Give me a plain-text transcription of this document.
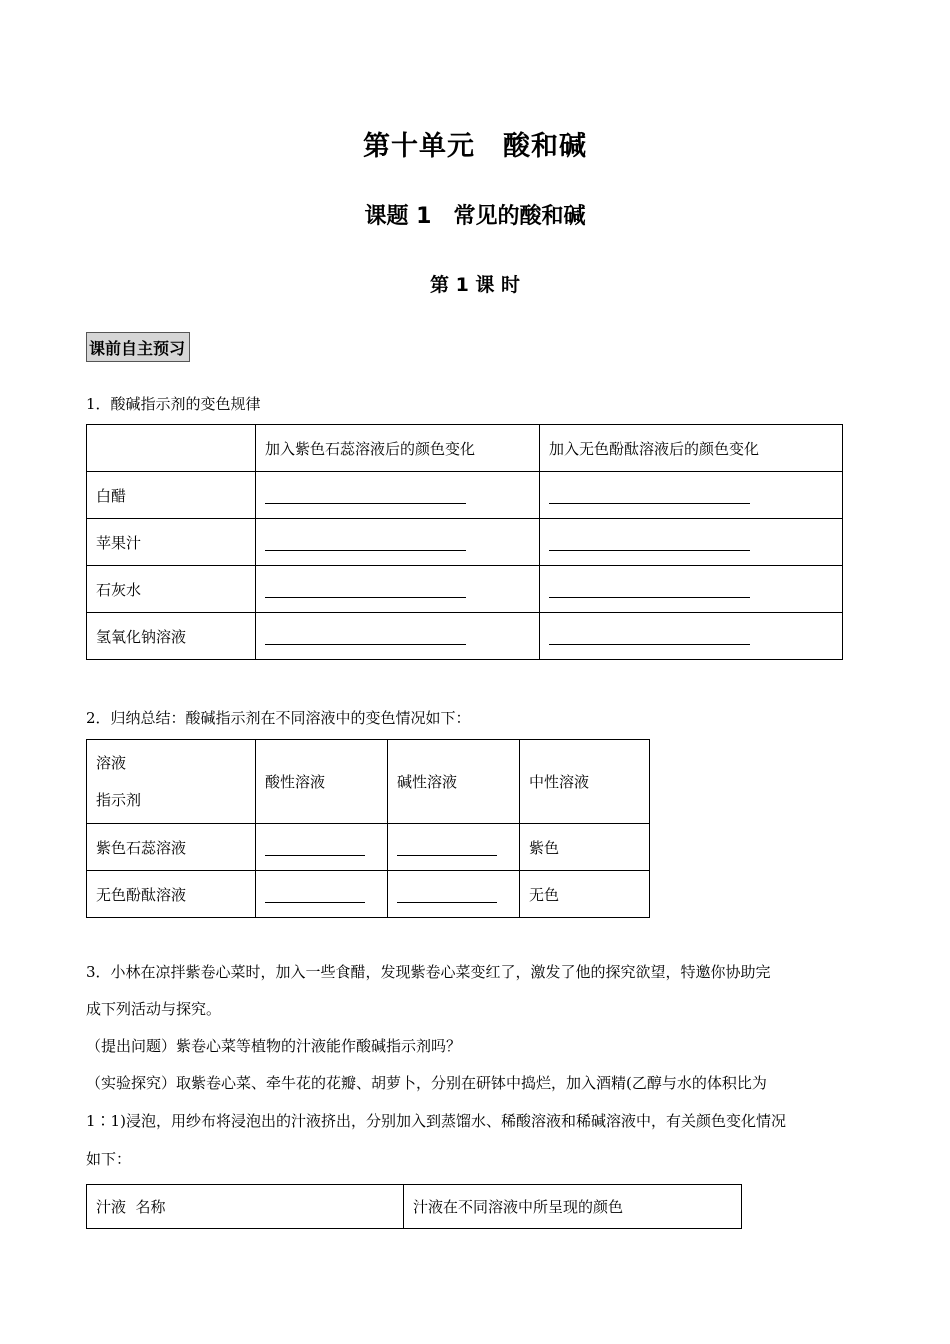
第十单元　酸和碱
课题 1　常见的酸和碱
第 1 课 时
课前自主预习
1．酸碱指示剂的变色规律
	加入紫色石蕊溶液后的颜色变化	加入无色酚酞溶液后的颜色变化
白醋		
苹果汁		
石灰水		
氢氧化钠溶液		
2．归纳总结：酸碱指示剂在不同溶液中的变色情况如下：
溶液
指示剂	酸性溶液	碱性溶液	中性溶液
紫色石蕊溶液			紫色
无色酚酞溶液			无色
3．小林在凉拌紫卷心菜时，加入一些食醋，发现紫卷心菜变红了，激发了他的探究欲望，特邀你协助完
成下列活动与探究。
（提出问题）紫卷心菜等植物的汁液能作酸碱指示剂吗？
（实验探究）取紫卷心菜、牵牛花的花瓣、胡萝卜，分别在研钵中捣烂，加入酒精(乙醇与水的体积比为
1∶1)浸泡，用纱布将浸泡出的汁液挤出，分别加入到蒸馏水、稀酸溶液和稀碱溶液中，有关颜色变化情况
如下：
汁液  名称	汁液在不同溶液中所呈现的颜色
